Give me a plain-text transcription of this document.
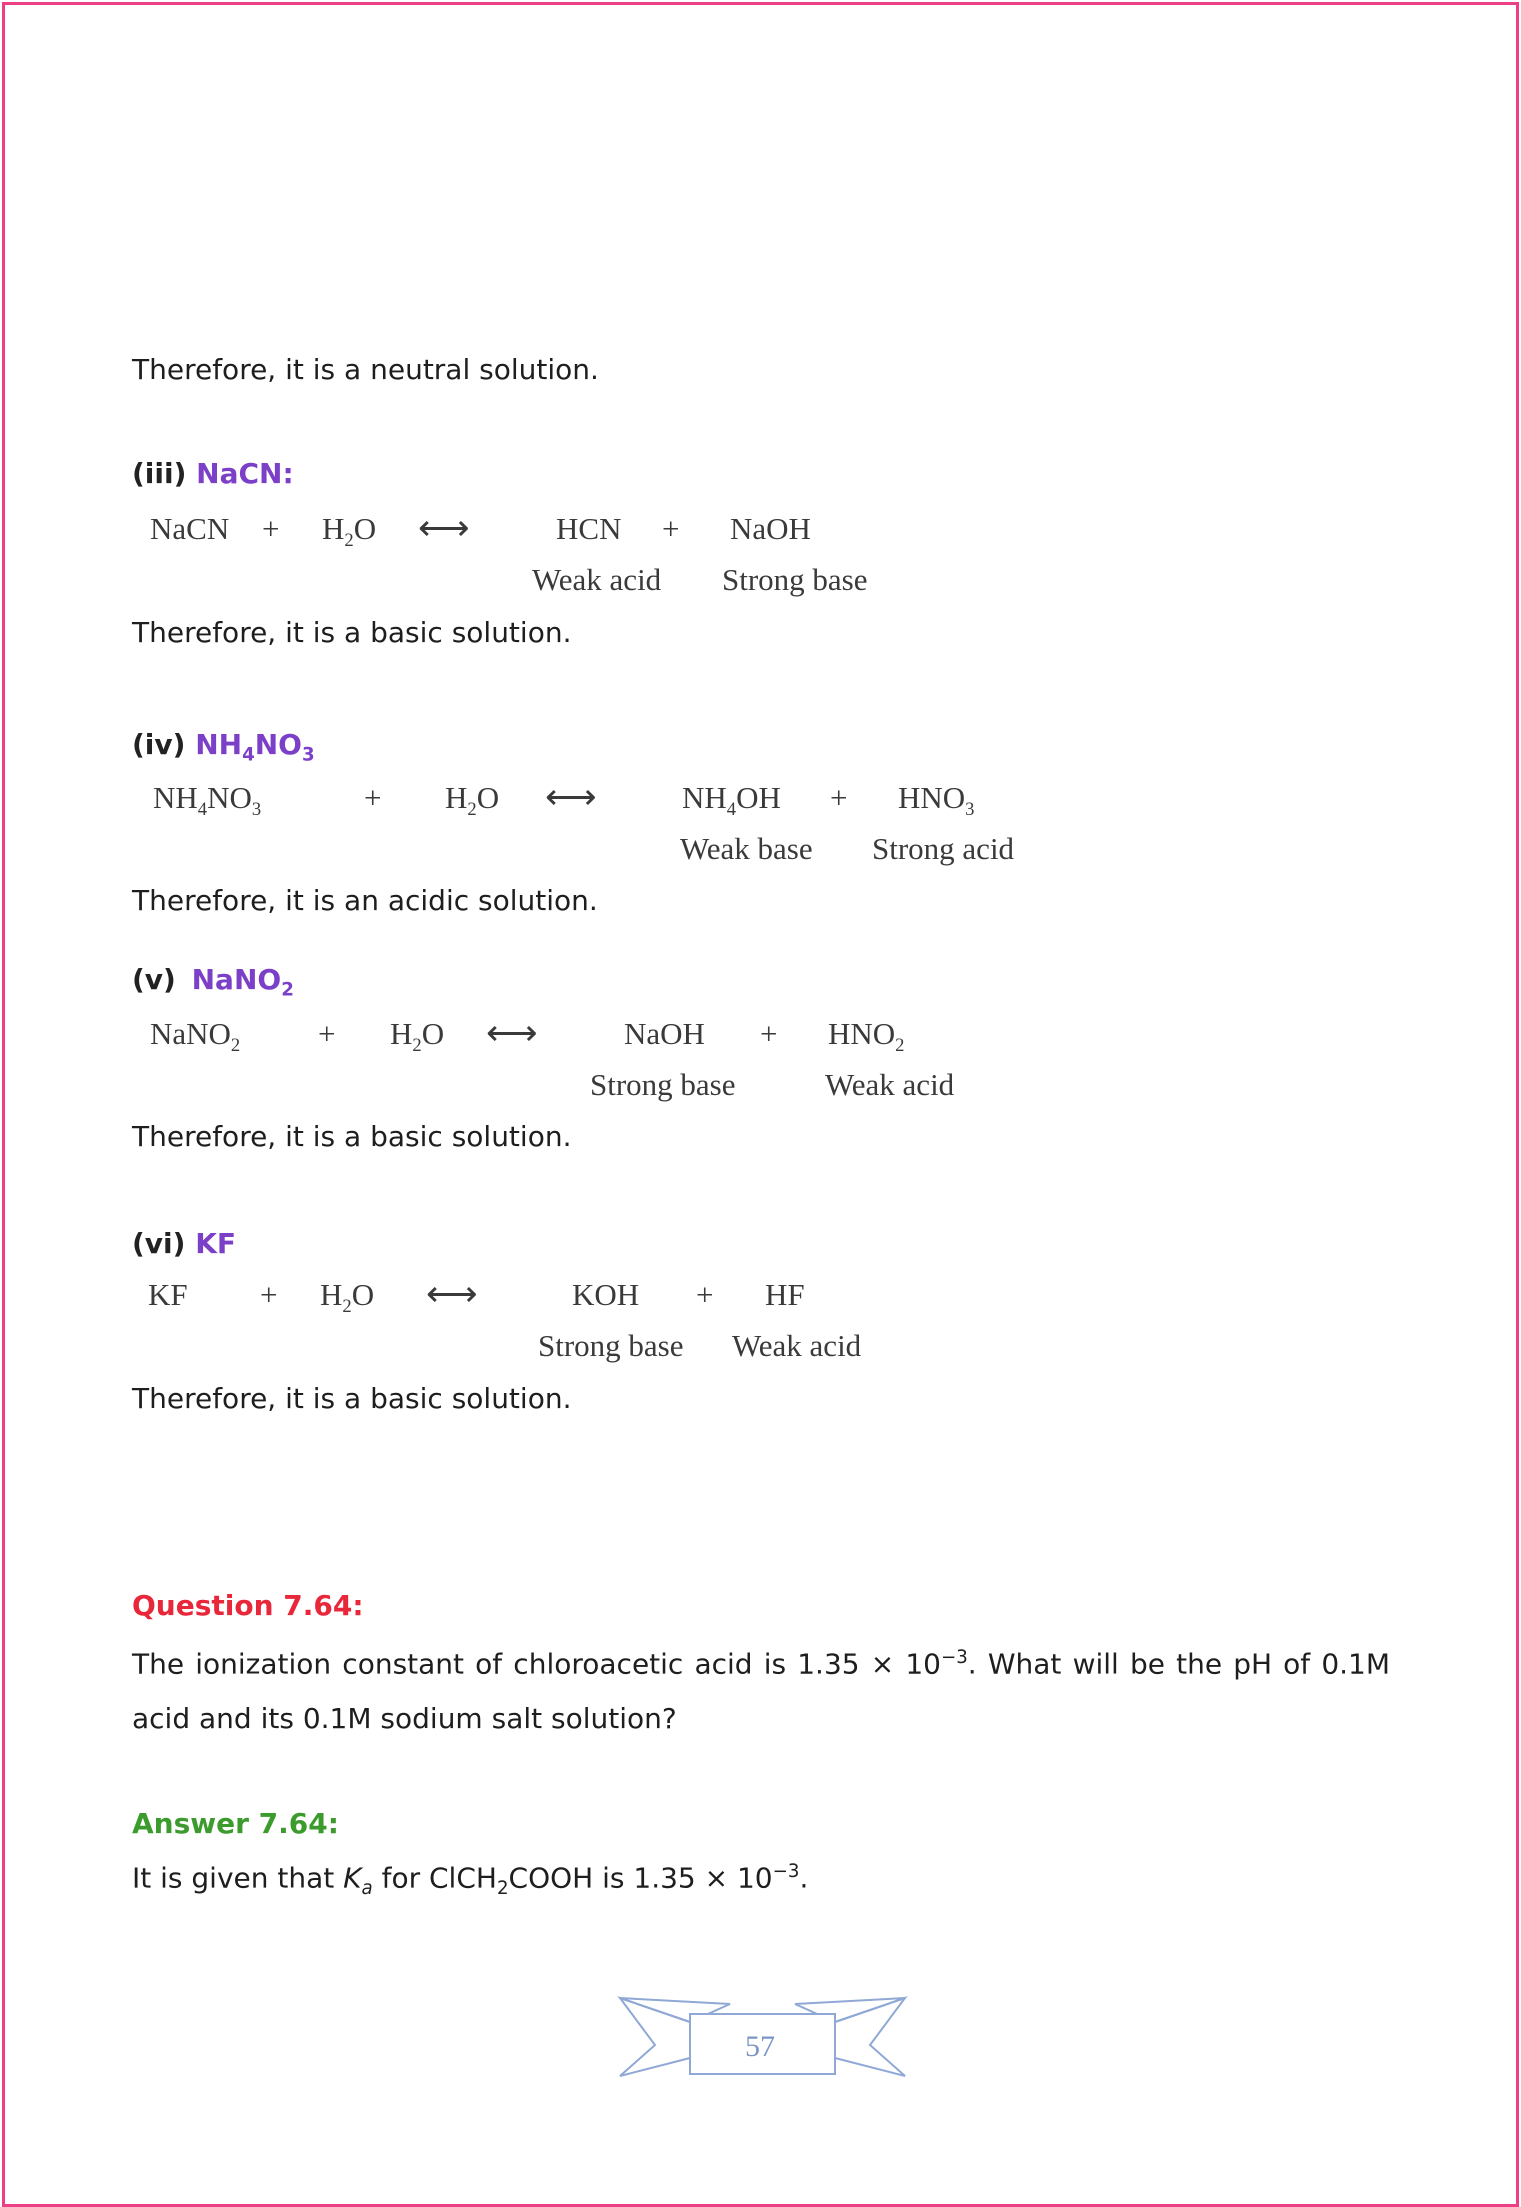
Therefore, it is a neutral solution.
(iii) NaCN:
NaCN + $H_2O$ ⟷	HCN + NaOH
Weak acid Strong base
Therefore, it is a basic solution.
(iv) $NH_4NO_3$
$NH_4NO_3$	+ $H_2O$ ⟷	$NH_4OH + HNO_3$
Weak base Strong acid
Therefore, it is an acidic solution.
(v) NaNO$_2$
NaNO$_2$	+ $H_2O$ ⟷	NaOH + $HNO_2$
Strong base	Weak acid
Therefore, it is a basic solution.
(vi) KF
KF + $H_2O$ ⟷	KOH + HF
Strong base Weak acid
Therefore, it is a basic solution.
Question 7.64:
The ionization constant of chloroacetic acid is $1.35 \times 10^{-3}$. What will be the pH of 0.1M acid and its 0.1M sodium salt solution?
Answer 7.64:
It is given that $K_a$ for ClCH$_2$COOH is $1.35 \times 10^{-3}$.
57
